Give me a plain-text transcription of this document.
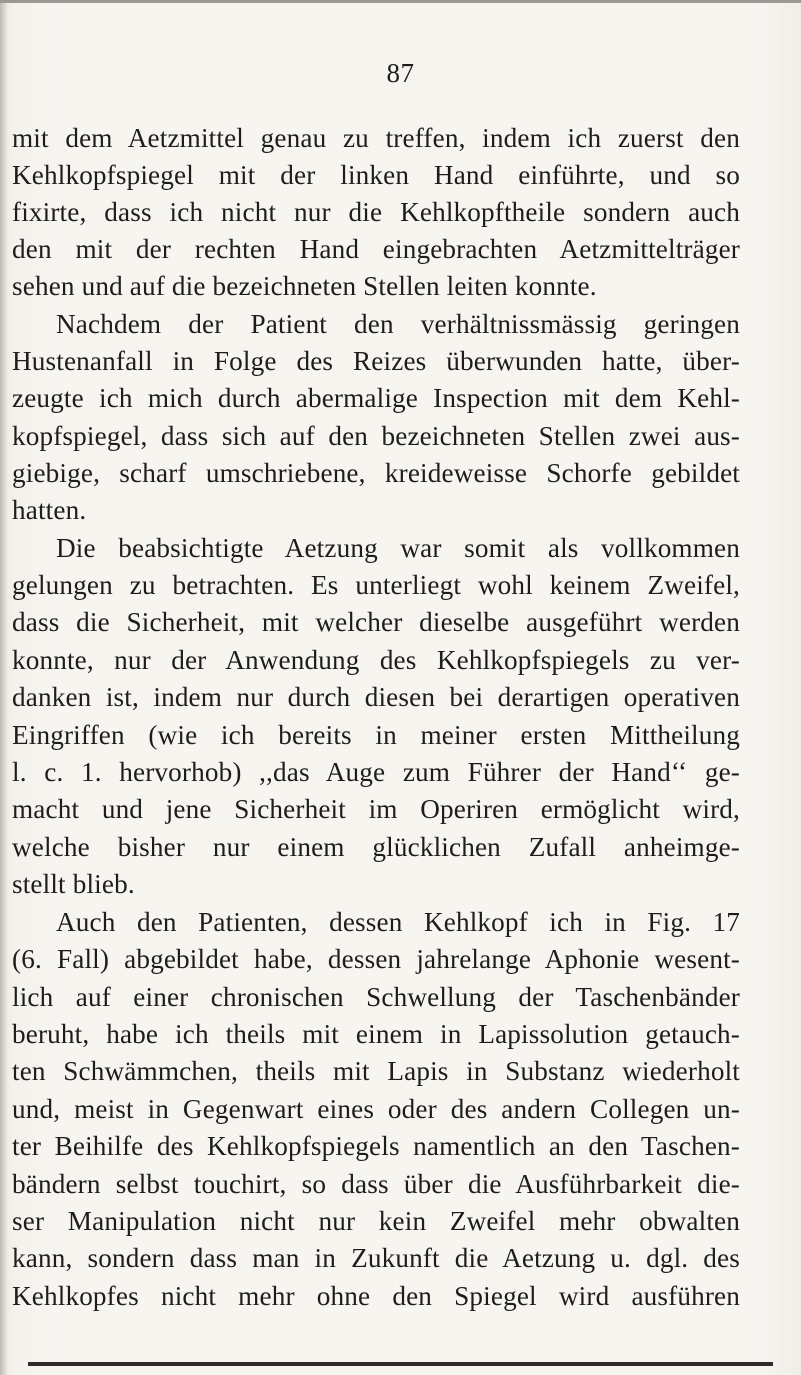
87
mit dem Aetzmittel genau zu treffen, indem ich zuerst den
Kehlkopfspiegel mit der linken Hand einführte, und so
fixirte, dass ich nicht nur die Kehlkopftheile sondern auch
den mit der rechten Hand eingebrachten Aetzmittelträger
sehen und auf die bezeichneten Stellen leiten konnte.
Nachdem der Patient den verhältnissmässig geringen
Hustenanfall in Folge des Reizes überwunden hatte, über-
zeugte ich mich durch abermalige Inspection mit dem Kehl-
kopfspiegel, dass sich auf den bezeichneten Stellen zwei aus-
giebige, scharf umschriebene, kreideweisse Schorfe gebildet
hatten.
Die beabsichtigte Aetzung war somit als vollkommen
gelungen zu betrachten. Es unterliegt wohl keinem Zweifel,
dass die Sicherheit, mit welcher dieselbe ausgeführt werden
konnte, nur der Anwendung des Kehlkopfspiegels zu ver-
danken ist, indem nur durch diesen bei derartigen operativen
Eingriffen (wie ich bereits in meiner ersten Mittheilung
l. c. 1. hervorhob) ,,das Auge zum Führer der Hand‘‘ ge-
macht und jene Sicherheit im Operiren ermöglicht wird,
welche bisher nur einem glücklichen Zufall anheimge-
stellt blieb.
Auch den Patienten, dessen Kehlkopf ich in Fig. 17
(6. Fall) abgebildet habe, dessen jahrelange Aphonie wesent-
lich auf einer chronischen Schwellung der Taschenbänder
beruht, habe ich theils mit einem in Lapissolution getauch-
ten Schwämmchen, theils mit Lapis in Substanz wiederholt
und, meist in Gegenwart eines oder des andern Collegen un-
ter Beihilfe des Kehlkopfspiegels namentlich an den Taschen-
bändern selbst touchirt, so dass über die Ausführbarkeit die-
ser Manipulation nicht nur kein Zweifel mehr obwalten
kann, sondern dass man in Zukunft die Aetzung u. dgl. des
Kehlkopfes nicht mehr ohne den Spiegel wird ausführen
